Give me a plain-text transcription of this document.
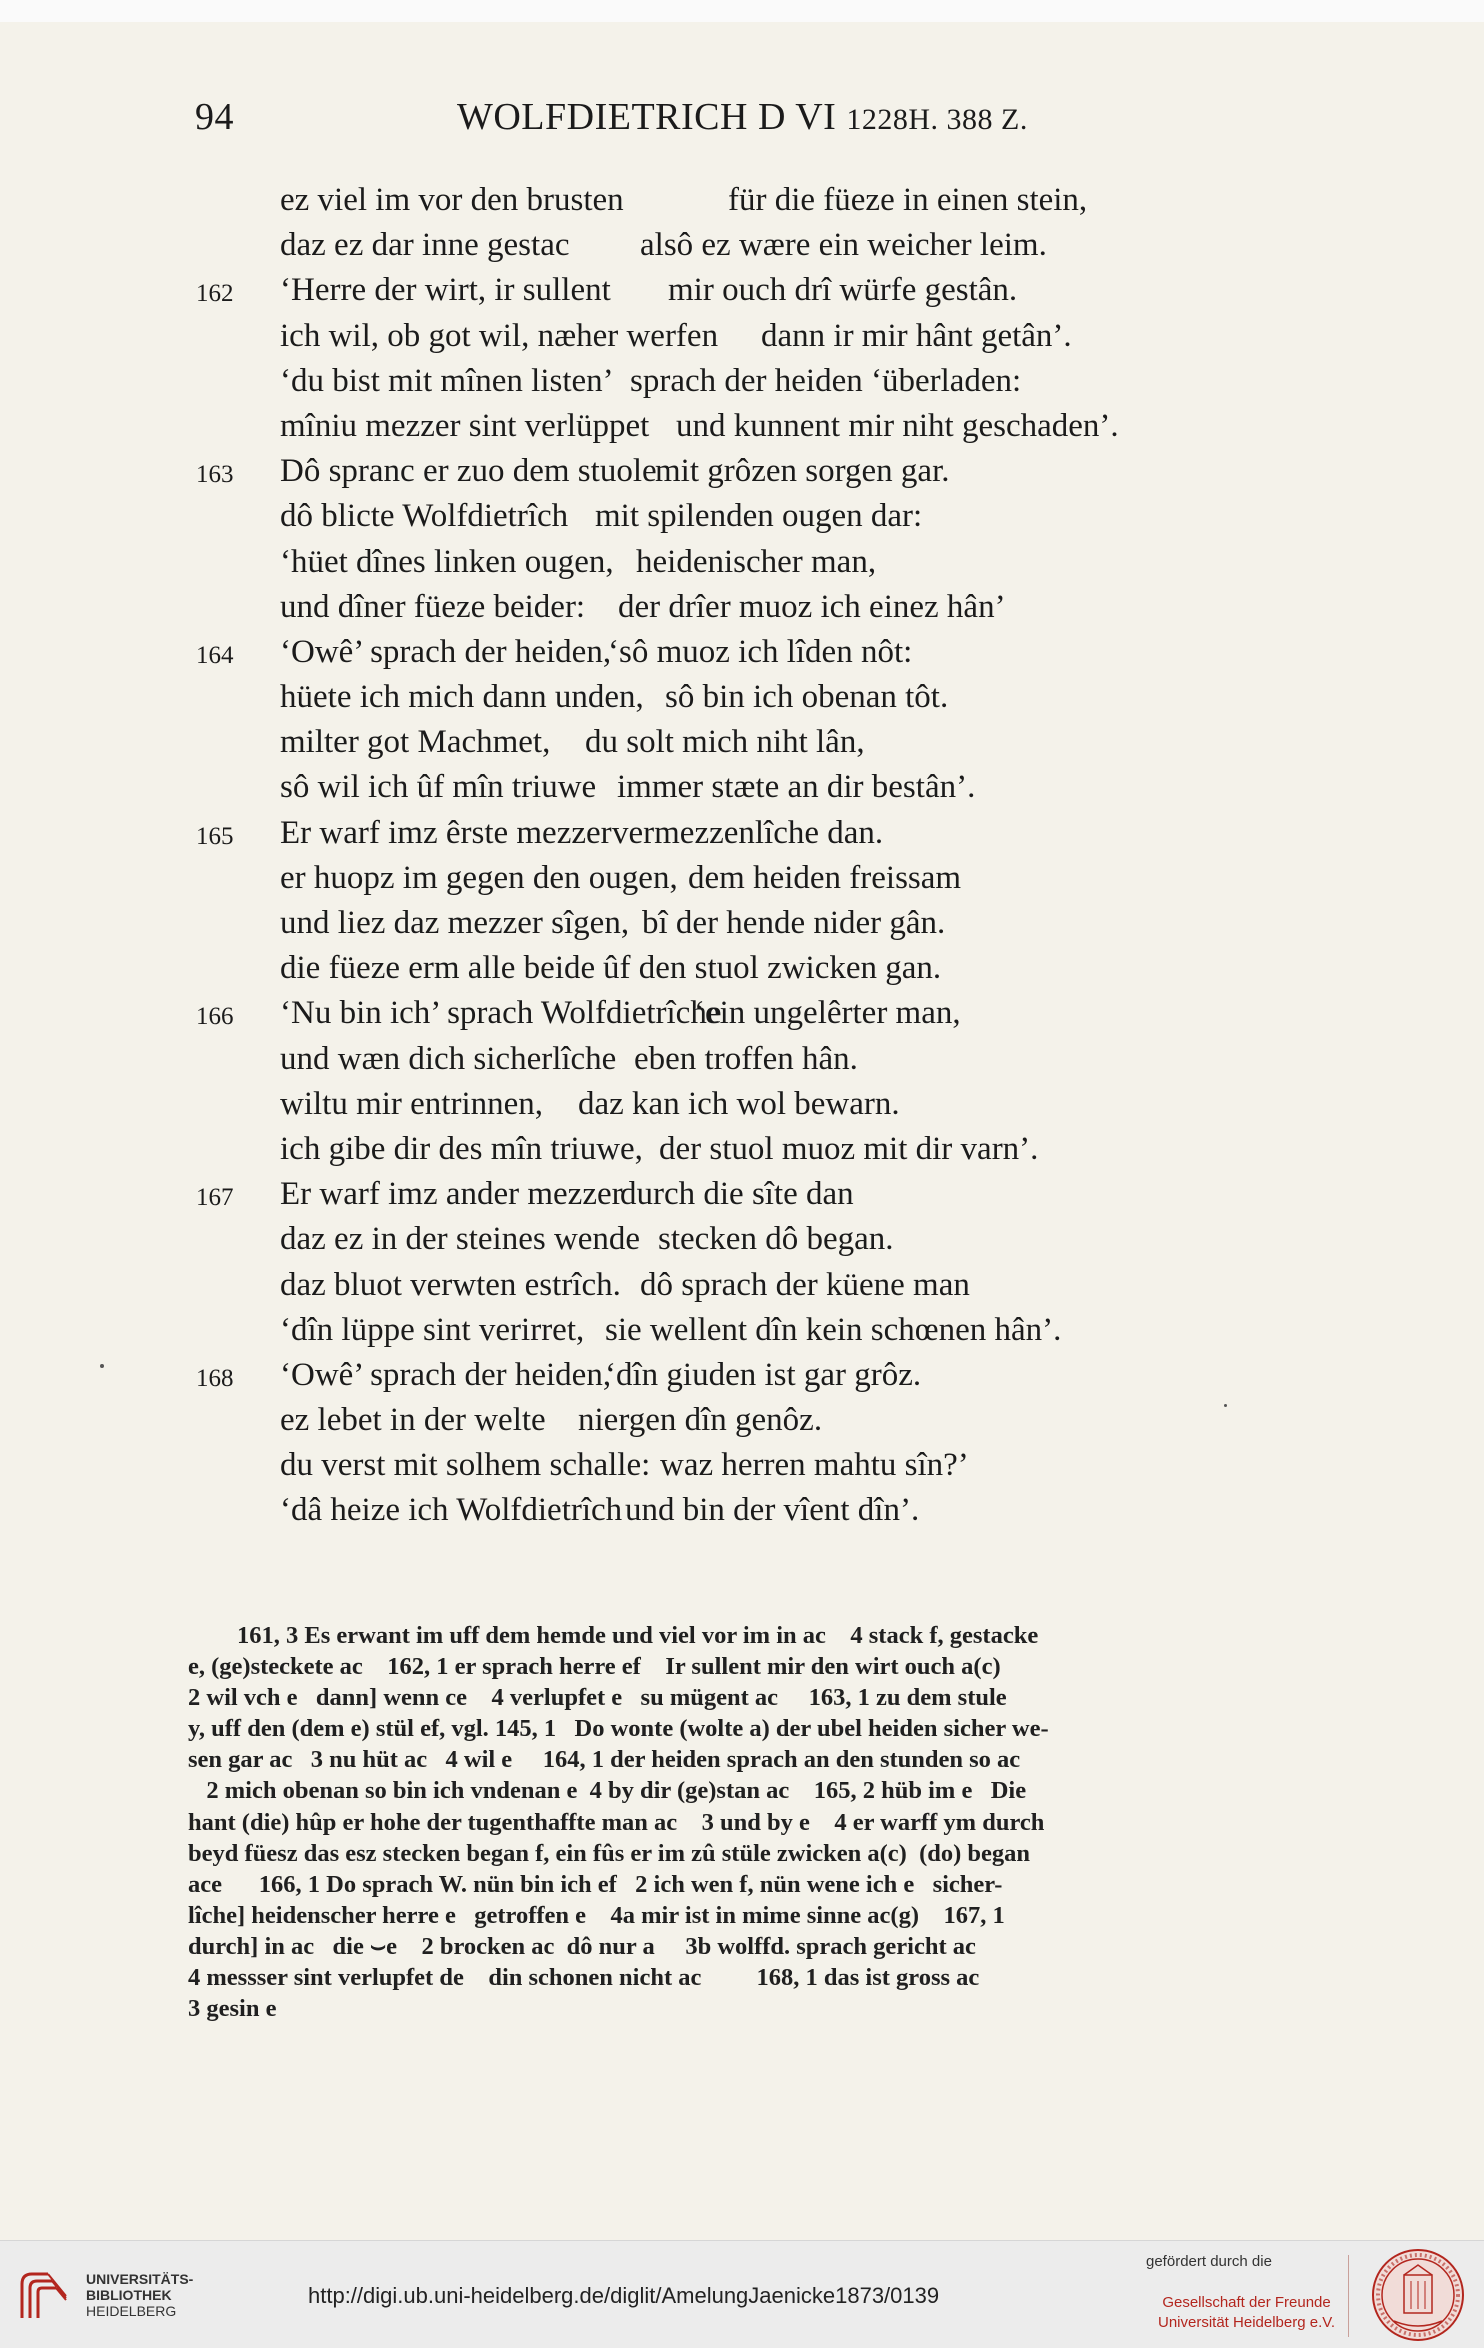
94	WOLFDIETRICH D VI 1228H. 388 Z.
ez viel im vor den brusten	für die füeze in einen stein,
daz ez dar inne gestac alsô ez wære ein weicher leim.
162 ‘Herre der wirt, ir sullent mir ouch drî würfe gestân.
ich wil, ob got wil, næher werfen dann ir mir hânt getân’.
‘du bist mit mînen listen’ sprach der heiden ‘überladen:
mîniu mezzer sint verlüppet und kunnent mir niht geschaden’.
163 Dô spranc er zuo dem stuole
mit grôzen sorgen gar.
dô blicte Wolfdietrîch mit spilenden ougen dar:
‘hüet dînes linken ougen, heidenischer man,
und dîner füeze beider: der drîer muoz ich einez hân’
164 ‘Owê’ sprach der heiden,
‘sô muoz ich lîden nôt:
hüete ich mich dann unden, sô bin ich obenan tôt.
milter got Machmet, du solt mich niht lân,
sô wil ich ûf mîn triuwe immer stæte an dir bestân’.
165 Er warf imz êrste mezzer vermezzenlîche dan.
er huopz im gegen den ougen, dem heiden freissam
und liez daz mezzer sîgen, bî der hende nider gân.
die füeze erm alle beide ûf den stuol zwicken gan.
166 ‘Nu bin ich’ sprach Wolfdietrîche
‘ein ungelêrter man,
und wæn dich sicherlîche eben troffen hân.
wiltu mir entrinnen, daz kan ich wol bewarn.
ich gibe dir des mîn triuwe, der stuol muoz mit dir varn’.
167 Er warf imz ander mezzer
durch die sîte dan
daz ez in der steines wende stecken dô began.
daz bluot verwten estrîch. dô sprach der küene man
‘dîn lüppe sint verirret, sie wellent dîn kein schœnen hân’.
168 ‘Owê’ sprach der heiden,
‘dîn giuden ist gar grôz.
ez lebet in der welte niergen dîn genôz.
du verst mit solhem schalle: waz herren mahtu sîn?’
‘dâ heize ich Wolfdietrîch und bin der vîent dîn’.
161, 3 Es erwant im uff dem hemde und viel vor im in ac    4 stack f, gestacke
e, (ge)steckete ac    162, 1 er sprach herre ef    Ir sullent mir den wirt ouch a(c)
2 wil vch e   dann] wenn ce    4 verlupfet e   su mügent ac     163, 1 zu dem stule
y, uff den (dem e) stül ef, vgl. 145, 1   Do wonte (wolte a) der ubel heiden sicher we-
sen gar ac   3 nu hüt ac   4 wil e     164, 1 der heiden sprach an den stunden so ac
2 mich obenan so bin ich vndenan e  4 by dir (ge)stan ac    165, 2 hüb im e   Die
hant (die) hûp er hohe der tugenthaffte man ac    3 und by e    4 er warff ym durch
beyd füesz das esz stecken began f, ein fûs er im zû stüle zwicken a(c)  (do) began
ace      166, 1 Do sprach W. nün bin ich ef   2 ich wen f, nün wene ich e   sicher-
lîche] heidenscher herre e   getroffen e    4a mir ist in mime sinne ac(g)    167, 1
durch] in ac   die ⌣e    2 brocken ac  dô nur a     3b wolffd. sprach gericht ac
4 messser sint verlupfet de    din schonen nicht ac         168, 1 das ist gross ac
3 gesin e
UNIVERSITÄTS-
BIBLIOTHEK
HEIDELBERG
http://digi.ub.uni-heidelberg.de/diglit/AmelungJaenicke1873/0139
gefördert durch die
Gesellschaft der Freunde
Universität Heidelberg e.V.
